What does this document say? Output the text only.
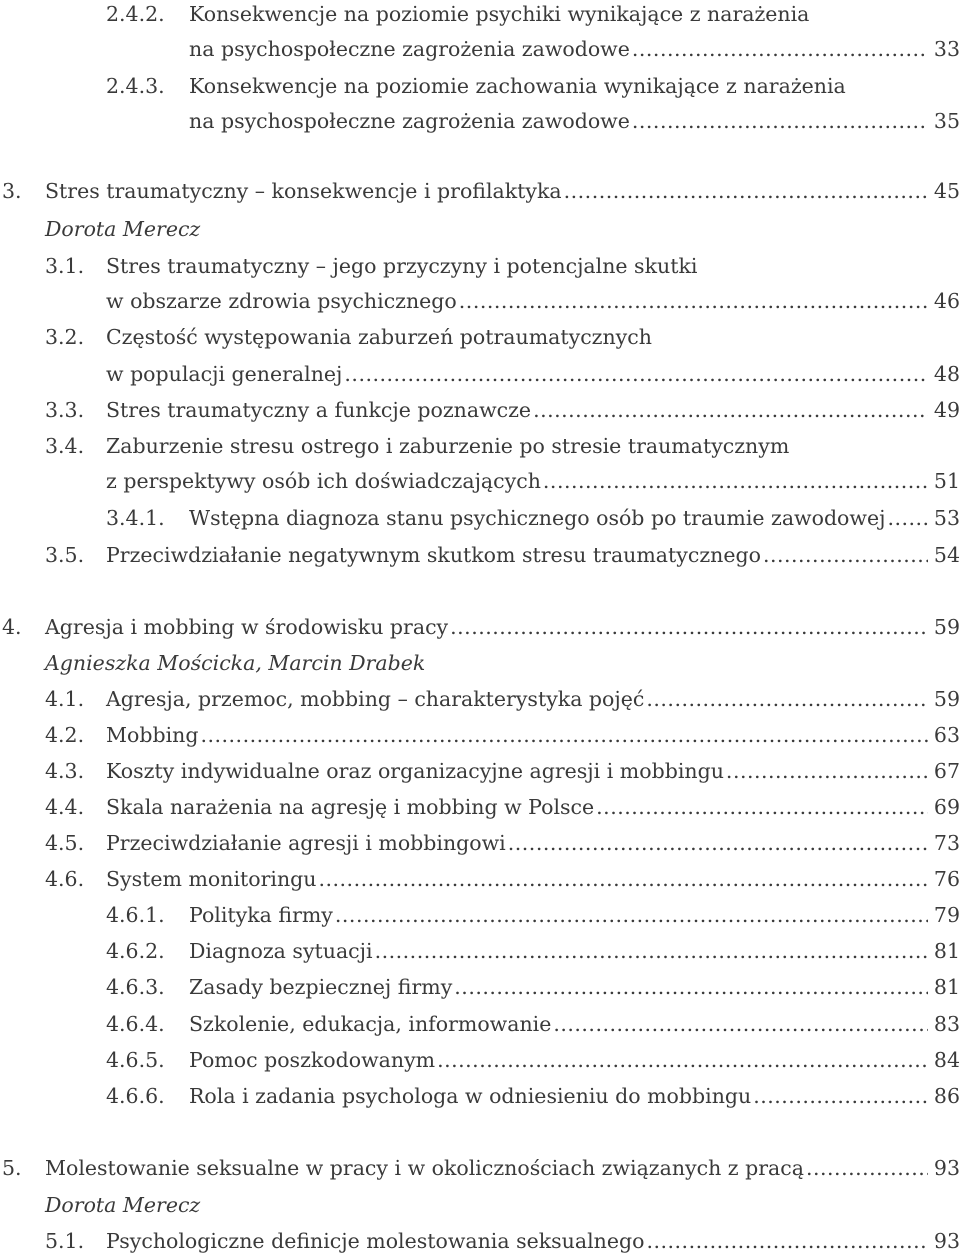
2.4.2. Konsekwencje na poziomie psychiki wynikające z narażenia
na psychospołeczne zagrożenia zawodowe .....	33
2.4.3. Konsekwencje na poziomie zachowania wynikające z narażenia
na psychospołeczne zagrożenia zawodowe .....	35
3. Stres traumatyczny – konsekwencje i profilaktyka .....	45
Dorota Merecz
3.1. Stres traumatyczny – jego przyczyny i potencjalne skutki
w obszarze zdrowia psychicznego .....	46
3.2. Częstość występowania zaburzeń potraumatycznych
w populacji generalnej .....	48
3.3. Stres traumatyczny a funkcje poznawcze .....	49
3.4. Zaburzenie stresu ostrego i zaburzenie po stresie traumatycznym
z perspektywy osób ich doświadczających .....	51
3.4.1. Wstępna diagnoza stanu psychicznego osób po traumie zawodowej ..... 53
3.5. Przeciwdziałanie negatywnym skutkom stresu traumatycznego .....	54
4. Agresja i mobbing w środowisku pracy .....	59
Agnieszka Mościcka, Marcin Drabek
4.1. Agresja, przemoc, mobbing – charakterystyka pojęć .....	59
4.2. Mobbing .....	63
4.3. Koszty indywidualne oraz organizacyjne agresji i mobbingu .....	67
4.4. Skala narażenia na agresję i mobbing w Polsce .....	69
4.5. Przeciwdziałanie agresji i mobbingowi .....	73
4.6. System monitoringu .....	76
4.6.1. Polityka firmy .....	79
4.6.2. Diagnoza sytuacji .....	81
4.6.3. Zasady bezpiecznej firmy .....	81
4.6.4. Szkolenie, edukacja, informowanie .....	83
4.6.5. Pomoc poszkodowanym .....	84
4.6.6. Rola i zadania psychologa w odniesieniu do mobbingu .....	86
5. Molestowanie seksualne w pracy i w okolicznościach związanych z pracą .....	93
Dorota Merecz
5.1. Psychologiczne definicje molestowania seksualnego .....	93
